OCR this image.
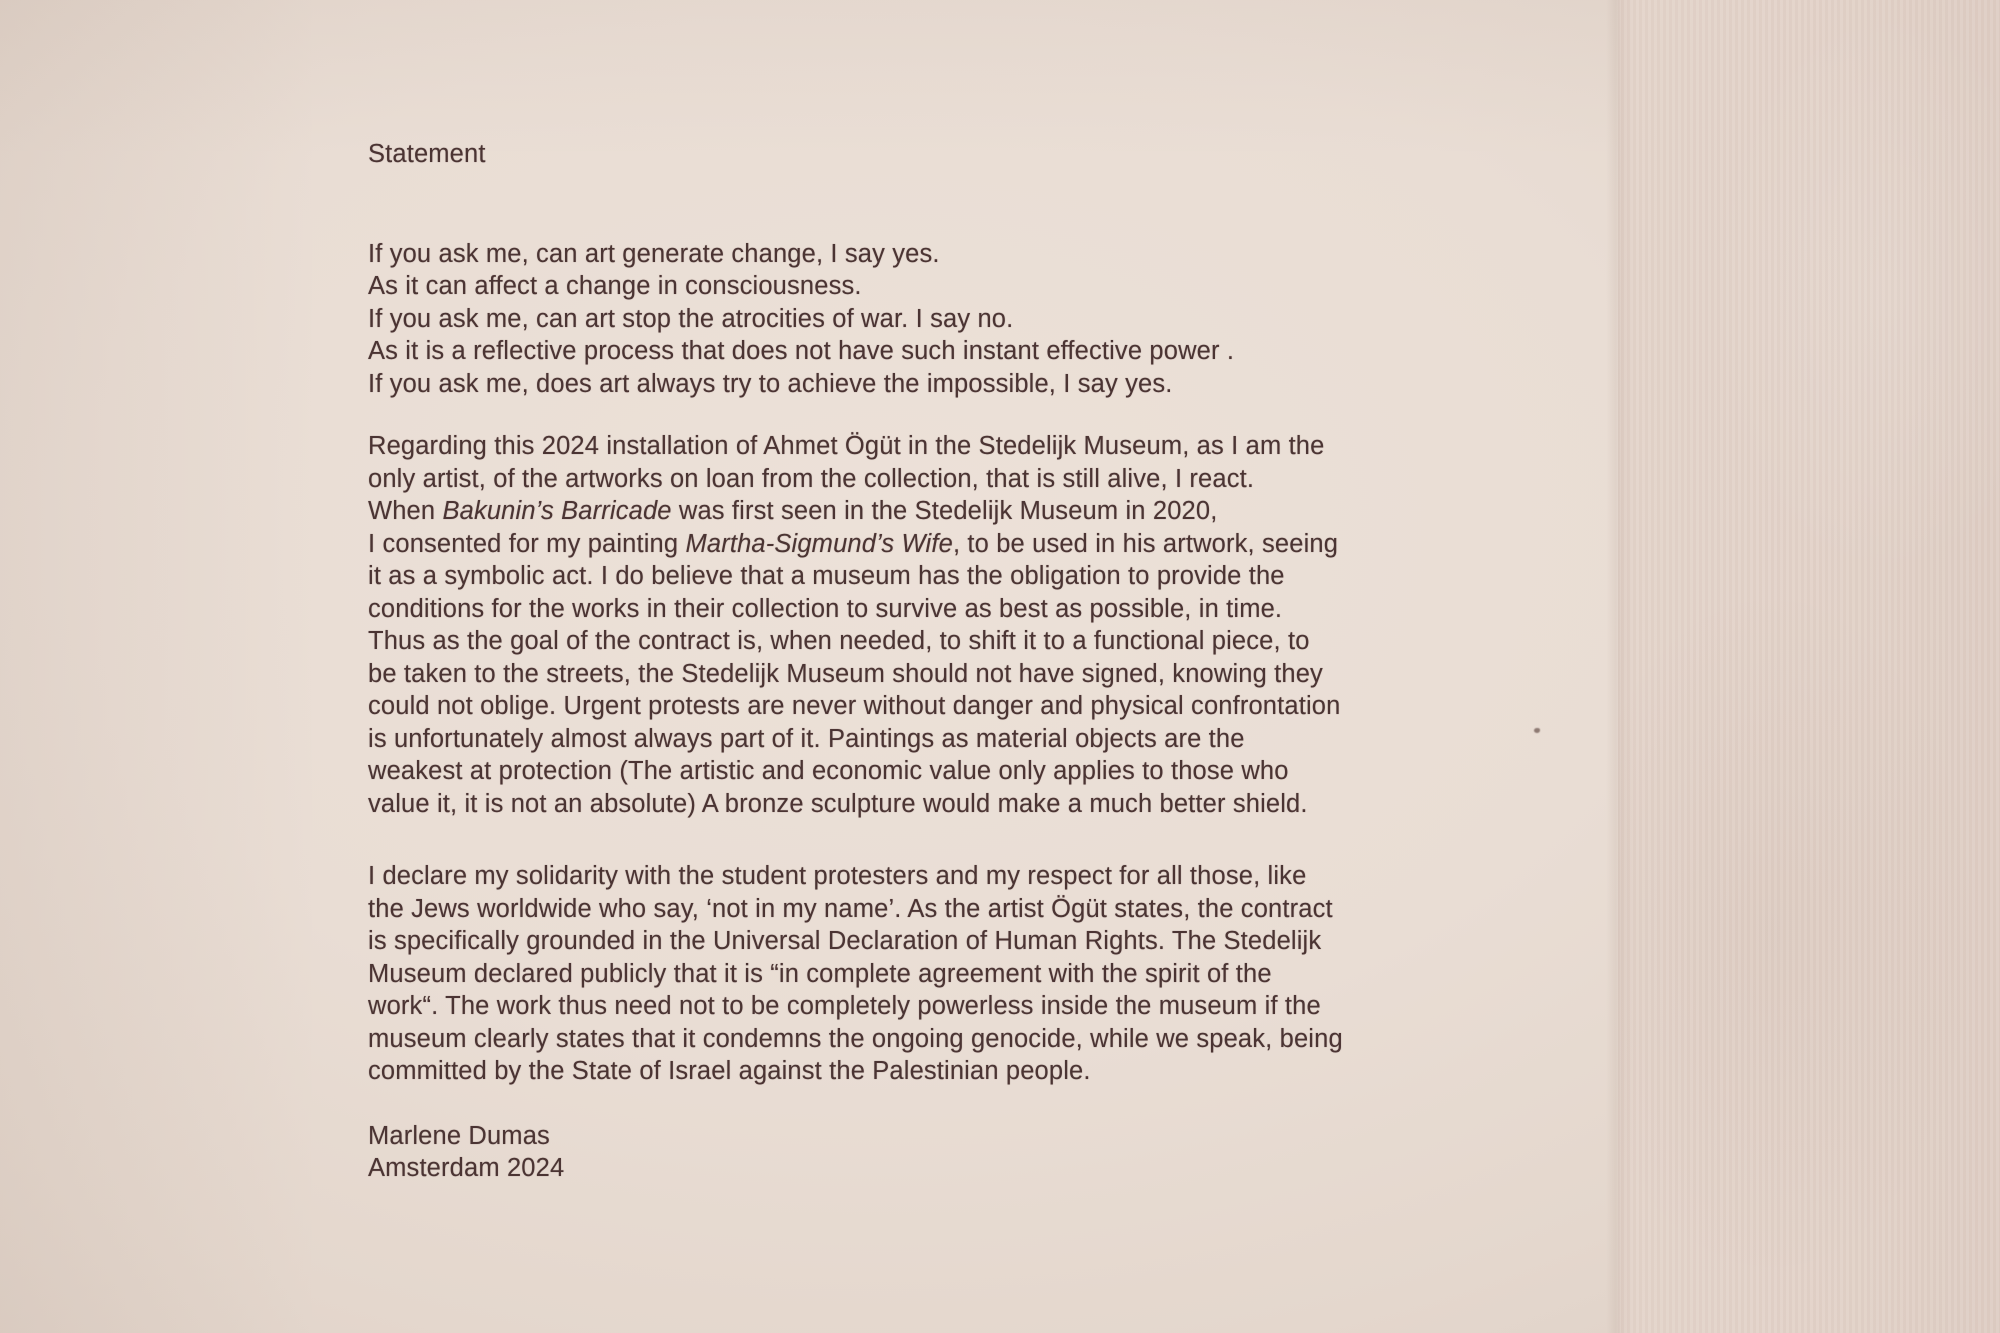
Statement
If you ask me, can art generate change, I say yes.
As it can affect a change in consciousness.
If you ask me, can art stop the atrocities of war. I say no.
As it is a reflective process that does not have such instant effective power .
If you ask me, does art always try to achieve the impossible, I say yes.
Regarding this 2024 installation of Ahmet Ögüt in the Stedelijk Museum, as I am the
only artist, of the artworks on loan from the collection, that is still alive, I react.
When Bakunin’s Barricade was first seen in the Stedelijk Museum in 2020,
I consented for my painting Martha-Sigmund’s Wife, to be used in his artwork, seeing
it as a symbolic act. I do believe that a museum has the obligation to provide the
conditions for the works in their collection to survive as best as possible, in time.
Thus as the goal of the contract is, when needed, to shift it to a functional piece, to
be taken to the streets, the Stedelijk Museum should not have signed, knowing they
could not oblige. Urgent protests are never without danger and physical confrontation
is unfortunately almost always part of it. Paintings as material objects are the
weakest at protection (The artistic and economic value only applies to those who
value it, it is not an absolute) A bronze sculpture would make a much better shield.
I declare my solidarity with the student protesters and my respect for all those, like
the Jews worldwide who say, ‘not in my name’. As the artist Ögüt states, the contract
is specifically grounded in the Universal Declaration of Human Rights. The Stedelijk
Museum declared publicly that it is “in complete agreement with the spirit of the
work“. The work thus need not to be completely powerless inside the museum if the
museum clearly states that it condemns the ongoing genocide, while we speak, being
committed by the State of Israel against the Palestinian people.
Marlene Dumas
Amsterdam 2024
